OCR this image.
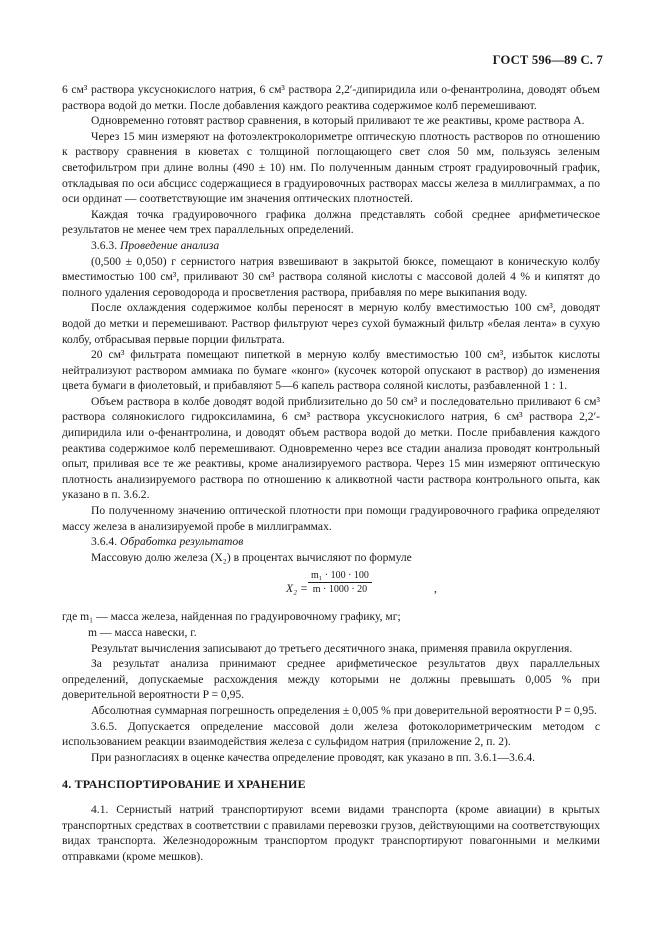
ГОСТ 596—89 С. 7

6 см³ раствора уксуснокислого натрия, 6 см³ раствора 2,2′-дипиридила или о-фенантролина, доводят объем раствора водой до метки. После добавления каждого реактива содержимое колб перемешивают.

Одновременно готовят раствор сравнения, в который приливают те же реактивы, кроме раствора А.

Через 15 мин измеряют на фотоэлектроколориметре оптическую плотность растворов по отношению к раствору сравнения в кюветах с толщиной поглощающего свет слоя 50 мм, пользуясь зеленым светофильтром при длине волны (490 ± 10) нм. По полученным данным строят градуировочный график, откладывая по оси абсцисс содержащиеся в градуировочных растворах массы железа в миллиграммах, а по оси ординат — соответствующие им значения оптических плотностей.

Каждая точка градуировочного графика должна представлять собой среднее арифметическое результатов не менее чем трех параллельных определений.

3.6.3. Проведение анализа

(0,500 ± 0,050) г сернистого натрия взвешивают в закрытой бюксе, помещают в коническую колбу вместимостью 100 см³, приливают 30 см³ раствора соляной кислоты с массовой долей 4 % и кипятят до полного удаления сероводорода и просветления раствора, прибавляя по мере выкипания воду.

После охлаждения содержимое колбы переносят в мерную колбу вместимостью 100 см³, доводят водой до метки и перемешивают. Раствор фильтруют через сухой бумажный фильтр «белая лента» в сухую колбу, отбрасывая первые порции фильтрата.

20 см³ фильтрата помещают пипеткой в мерную колбу вместимостью 100 см³, избыток кислоты нейтрализуют раствором аммиака по бумаге «конго» (кусочек которой опускают в раствор) до изменения цвета бумаги в фиолетовый, и прибавляют 5—6 капель раствора соляной кислоты, разбавленной 1 : 1.

Объем раствора в колбе доводят водой приблизительно до 50 см³ и последовательно приливают 6 см³ раствора солянокислого гидроксиламина, 6 см³ раствора уксуснокислого натрия, 6 см³ раствора 2,2′-дипиридила или о-фенантролина, и доводят объем раствора водой до метки. После прибавления каждого реактива содержимое колб перемешивают. Одновременно через все стадии анализа проводят контрольный опыт, приливая все те же реактивы, кроме анализируемого раствора. Через 15 мин измеряют оптическую плотность анализируемого раствора по отношению к аликвотной части раствора контрольного опыта, как указано в п. 3.6.2.

По полученному значению оптической плотности при помощи градуировочного графика определяют массу железа в анализируемой пробе в миллиграммах.

3.6.4. Обработка результатов

Массовую долю железа (X₂) в процентах вычисляют по формуле

$X_2 = \frac{\text{m₁ · 100 · 100}}{m \cdot 1000 \cdot 20}$	,

где m₁ — масса железа, найденная по градуировочному графику, мг;

m — масса навески, г.

Результат вычисления записывают до третьего десятичного знака, применяя правила округления.

За результат анализа принимают среднее арифметическое результатов двух параллельных определений, допускаемые расхождения между которыми не должны превышать 0,005 % при доверительной вероятности P = 0,95.

Абсолютная суммарная погрешность определения ± 0,005 % при доверительной вероятности P = 0,95.

3.6.5. Допускается определение массовой доли железа фотоколориметрическим методом с использованием реакции взаимодействия железа с сульфидом натрия (приложение 2, п. 2).

При разногласиях в оценке качества определение проводят, как указано в пп. 3.6.1—3.6.4.

4. ТРАНСПОРТИРОВАНИЕ И ХРАНЕНИЕ

4.1. Сернистый натрий транспортируют всеми видами транспорта (кроме авиации) в крытых транспортных средствах в соответствии с правилами перевозки грузов, действующими на соответствующих видах транспорта. Железнодорожным транспортом продукт транспортируют повагонными и мелкими отправками (кроме мешков).
